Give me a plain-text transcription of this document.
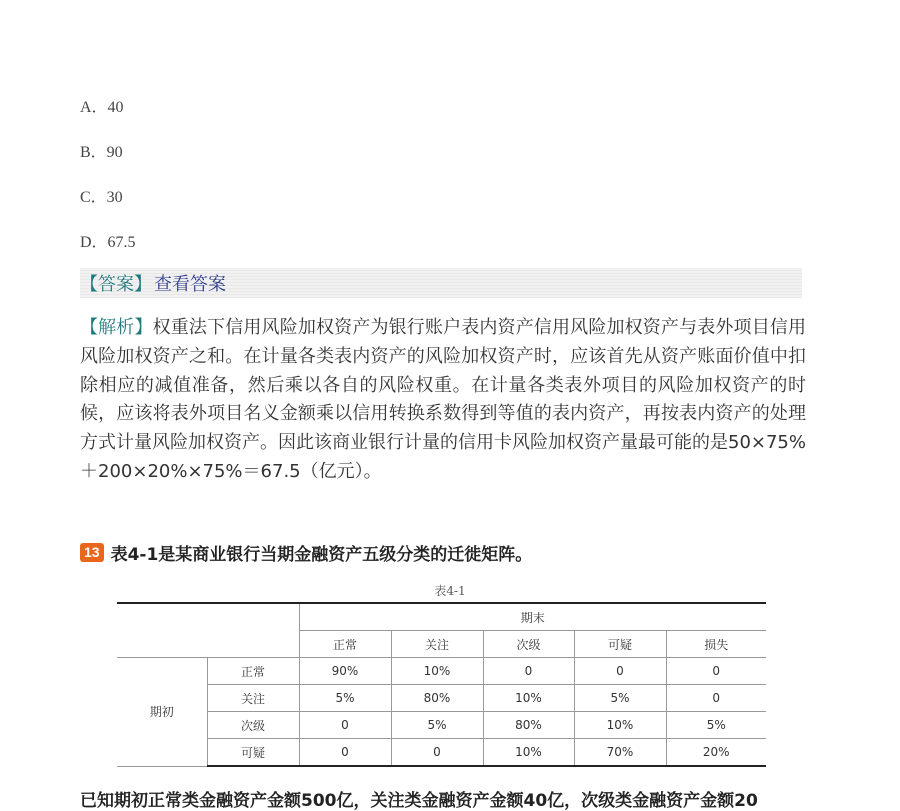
A．40
B．90
C．30
D．67.5
【答案】 查看答案
【解析】权重法下信用风险加权资产为银行账户表内资产信用风险加权资产与表外项目信用风险加权资产之和。在计量各类表内资产的风险加权资产时，应该首先从资产账面价值中扣除相应的减值准备，然后乘以各自的风险权重。在计量各类表外项目的风险加权资产的时候，应该将表外项目名义金额乘以信用转换系数得到等值的表内资产，再按表内资产的处理方式计量风险加权资产。因此该商业银行计量的信用卡风险加权资产量最可能的是50×75%＋200×20%×75%＝67.5（亿元）。
13 表4-1是某商业银行当期金融资产五级分类的迁徙矩阵。
表4-1
		期末				
		正常	关注	次级	可疑	损失
期初	正常	90%	10%	0	0	0
	关注	5%	80%	10%	5%	0
	次级	0	5%	80%	10%	5%
	可疑	0	0	10%	70%	20%
已知期初正常类金融资产金额500亿，关注类金融资产金额40亿，次级类金融资产金额20
